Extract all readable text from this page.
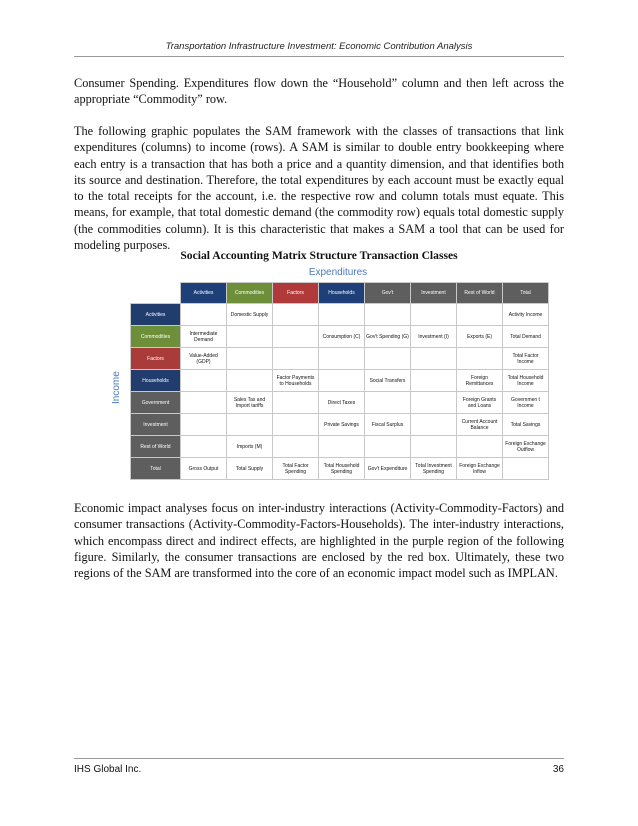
Transportation Infrastructure Investment: Economic Contribution Analysis

Consumer Spending. Expenditures flow down the “Household” column and then left across the appropriate “Commodity” row.

The following graphic populates the SAM framework with the classes of transactions that link expenditures (columns) to income (rows). A SAM is similar to double entry bookkeeping where each entry is a transaction that has both a price and a quantity dimension, and that identifies both its source and destination. Therefore, the total expenditures by each account must be exactly equal to the total receipts for the account, i.e. the respective row and column totals must equate. This means, for example, that total domestic demand (the commodity row) equals total domestic supply (the commodities column). It is this characteristic that makes a SAM a tool that can be used for modeling purposes.

Social Accounting Matrix Structure Transaction Classes
Expenditures
Income
	Activities	Commodities	Factors	Households	Gov't	Investment	Rest of World	Total
Activities		Domestic Supply						Activity Income
Commodities	Intermediate Demand			Consumption (C)	Gov't Spending (G)	Investment (I)	Exports (E)	Total Demand
Factors	Value-Added (GDP)							Total Factor Income
Households			Factor Payments to Households		Social Transfers		Foreign Remittances	Total Household Income
Government		Sales Tax and Import tariffs		Direct Taxes			Foreign Grants and Loans	Governmen t Income
Investment				Private Savings	Fiscal Surplus		Current Account Balance	Total Savings
Rest of World		Imports (M)						Foreign Exchange Outflow
Total	Gross Output	Total Supply	Total Factor Spending	Total Household Spending	Gov't Expenditure	Total Investment Spending	Foreign Exchange Inflow	

Economic impact analyses focus on inter-industry interactions (Activity-Commodity-Factors) and consumer transactions (Activity-Commodity-Factors-Households). The inter-industry interactions, which encompass direct and indirect effects, are highlighted in the purple region of the following figure. Similarly, the consumer transactions are enclosed by the red box. Ultimately, these two regions of the SAM are transformed into the core of an economic impact model such as IMPLAN.

IHS Global Inc.	36
